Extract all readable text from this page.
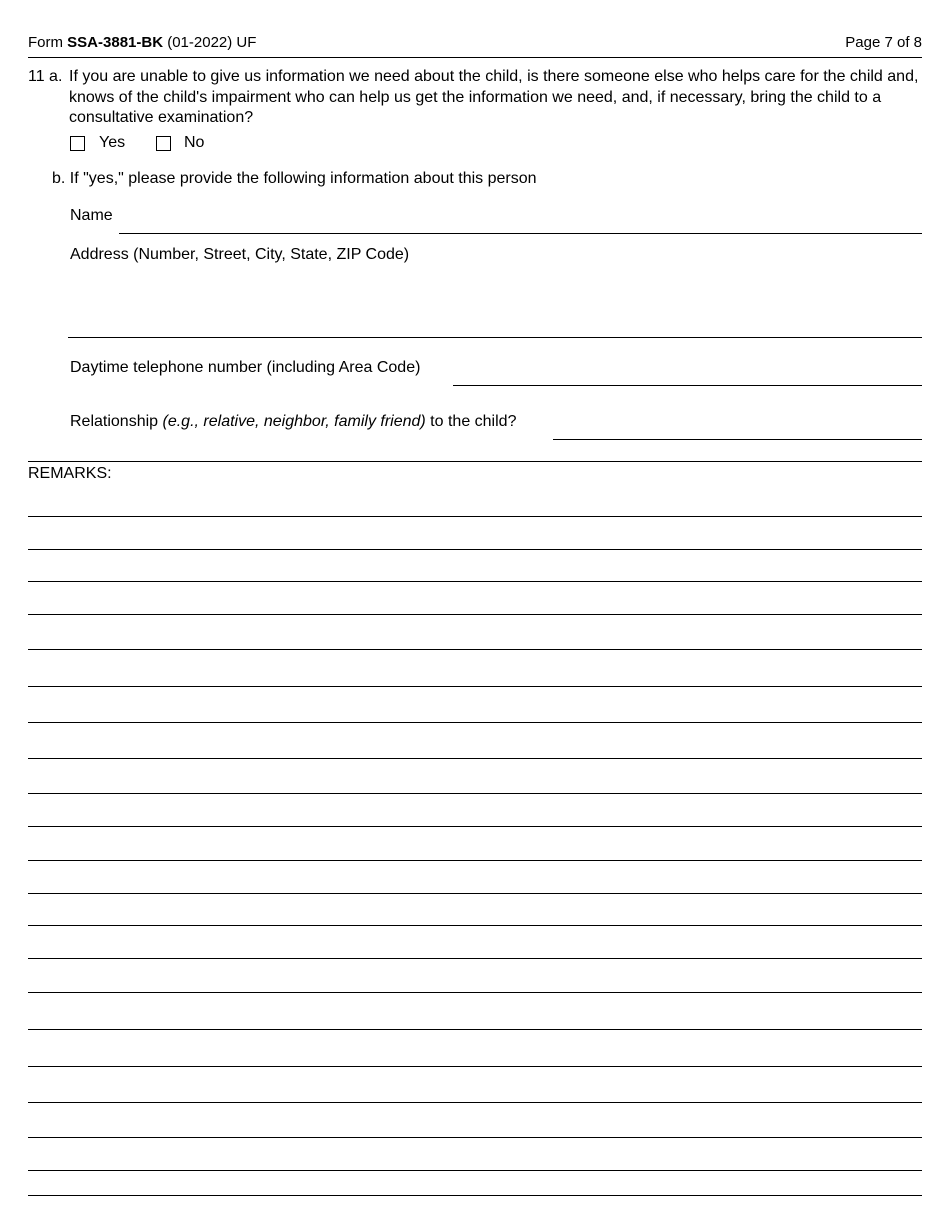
Form SSA-3881-BK (01-2022) UF	Page 7 of 8
11 a. If you are unable to give us information we need about the child, is there someone else who helps care for the child and, knows of the child's impairment who can help us get the information we need, and, if necessary, bring the child to a consultative examination?
Yes	No
b. If "yes," please provide the following information about this person
Name
Address (Number, Street, City, State, ZIP Code)
Daytime telephone number (including Area Code)
Relationship (e.g., relative, neighbor, family friend) to the child?
REMARKS:
